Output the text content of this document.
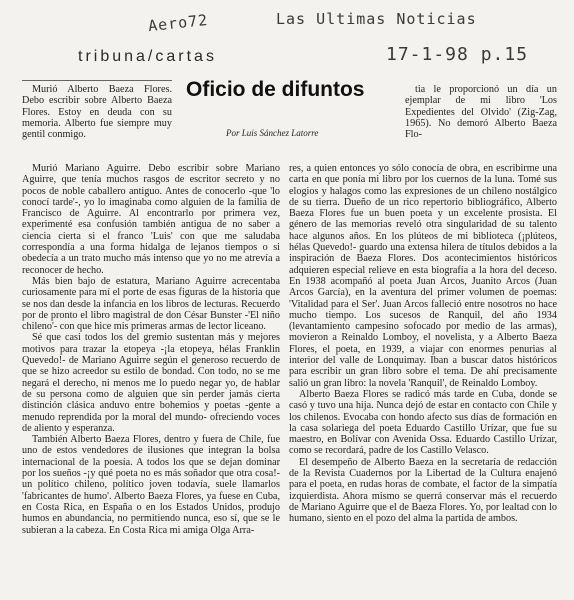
Aero72	Las Ultimas Noticias
17-1-98 p.15
tribuna/cartas
Oficio de difuntos
Por Luis Sánchez Latorre

Murió Alberto Baeza Flores. Debo escribir sobre Alberto Baeza Flores. Estoy en deuda con su memoria. Alberto fue siempre muy gentil conmigo.

Murió Mariano Aguirre. Debo escribir sobre Mariano Aguirre, que tenía muchos rasgos de escritor secreto y no pocos de noble caballero antiguo. Antes de conocerlo -que 'lo conocí tarde'-, yo lo imaginaba como alguien de la familia de Francisco de Aguirre. Al encontrarlo por primera vez, experimenté esa confusión también antigua de no saber a ciencia cierta si el franco 'Luis' con que me saludaba correspondía a una forma hidalga de lejanos tiempos o si obedecía a un trato mucho más intenso que yo no me atrevía a reconocer de hecho.

Más bien bajo de estatura, Mariano Aguirre acrecentaba curiosamente para mí el porte de esas figuras de la historia que se nos dan desde la infancia en los libros de lecturas. Recuerdo por de pronto el libro magistral de don César Bunster -'El niño chileno'- con que hice mis primeras armas de lector liceano.

Sé que casi todos los del gremio sustentan más y mejores motivos para trazar la etopeya -¡la etopeya, hélas Franklin Quevedo!- de Mariano Aguirre según el generoso recuerdo de que se hizo acreedor su estilo de bondad. Con todo, no se me negará el derecho, ni menos me lo puedo negar yo, de hablar de su persona como de alguien que sin perder jamás cierta distinción clásica anduvo entre bohemios y poetas -gente a menudo reprendida por la moral del mundo- ofreciendo voces de aliento y esperanza.

También Alberto Baeza Flores, dentro y fuera de Chile, fue uno de estos vendedores de ilusiones que integran la bolsa internacional de la poesía. A todos los que se dejan dominar por los sueños -¡y qué poeta no es más soñador que otra cosa!- un político chileno, político joven todavía, suele llamarlos 'fabricantes de humo'. Alberto Baeza Flores, ya fuese en Cuba, en Costa Rica, en España o en los Estados Unidos, produjo humos en abundancia, no permitiendo nunca, eso sí, que se le subieran a la cabeza. En Costa Rica mi amiga Olga Arra-

tia le proporcionó un día un ejemplar de mi libro 'Los Expedientes del Olvido' (Zig-Zag, 1965). No demoró Alberto Baeza Flo-

res, a quien entonces yo sólo conocía de obra, en escribirme una carta en que ponía mi libro por los cuernos de la luna. Tomé sus elogios y halagos como las expresiones de un chileno nostálgico de su tierra. Dueño de un rico repertorio bibliográfico, Alberto Baeza Flores fue un buen poeta y un excelente prosista. El género de las memorias reveló otra singularidad de su talento hace algunos años. En los plúteos de mi biblioteca (¡plúteos, hélas Quevedo!- guardo una extensa hilera de títulos debidos a la inspiración de Baeza Flores. Dos acontecimientos históricos adquieren especial relieve en esta biografía a la hora del deceso. En 1938 acompañó al poeta Juan Arcos, Juanito Arcos (Juan Arcos García), en la aventura del primer volumen de poemas: 'Vitalidad para el Ser'. Juan Arcos falleció entre nosotros no hace mucho tiempo. Los sucesos de Ranquil, del año 1934 (levantamiento campesino sofocado por medio de las armas), movieron a Reinaldo Lomboy, el novelista, y a Alberto Baeza Flores, el poeta, en 1939, a viajar con enormes penurias al interior del valle de Lonquimay. Iban a buscar datos históricos para escribir un gran libro sobre el tema. De ahí precisamente salió un gran libro: la novela 'Ranquil', de Reinaldo Lomboy.

Alberto Baeza Flores se radicó más tarde en Cuba, donde se casó y tuvo una hija. Nunca dejó de estar en contacto con Chile y los chilenos. Evocaba con hondo afecto sus días de formación en la casa solariega del poeta Eduardo Castillo Urízar, que fue su maestro, en Bolívar con Avenida Ossa. Eduardo Castillo Urízar, como se recordará, padre de los Castillo Velasco.

El desempeño de Alberto Baeza en la secretaría de redacción de la Revista Cuadernos por la Libertad de la Cultura enajenó para el poeta, en rudas horas de combate, el factor de la simpatía izquierdista. Ahora mismo se querrá conservar más el recuerdo de Mariano Aguirre que el de Baeza Flores. Yo, por lealtad con lo humano, siento en el pozo del alma la partida de ambos.
